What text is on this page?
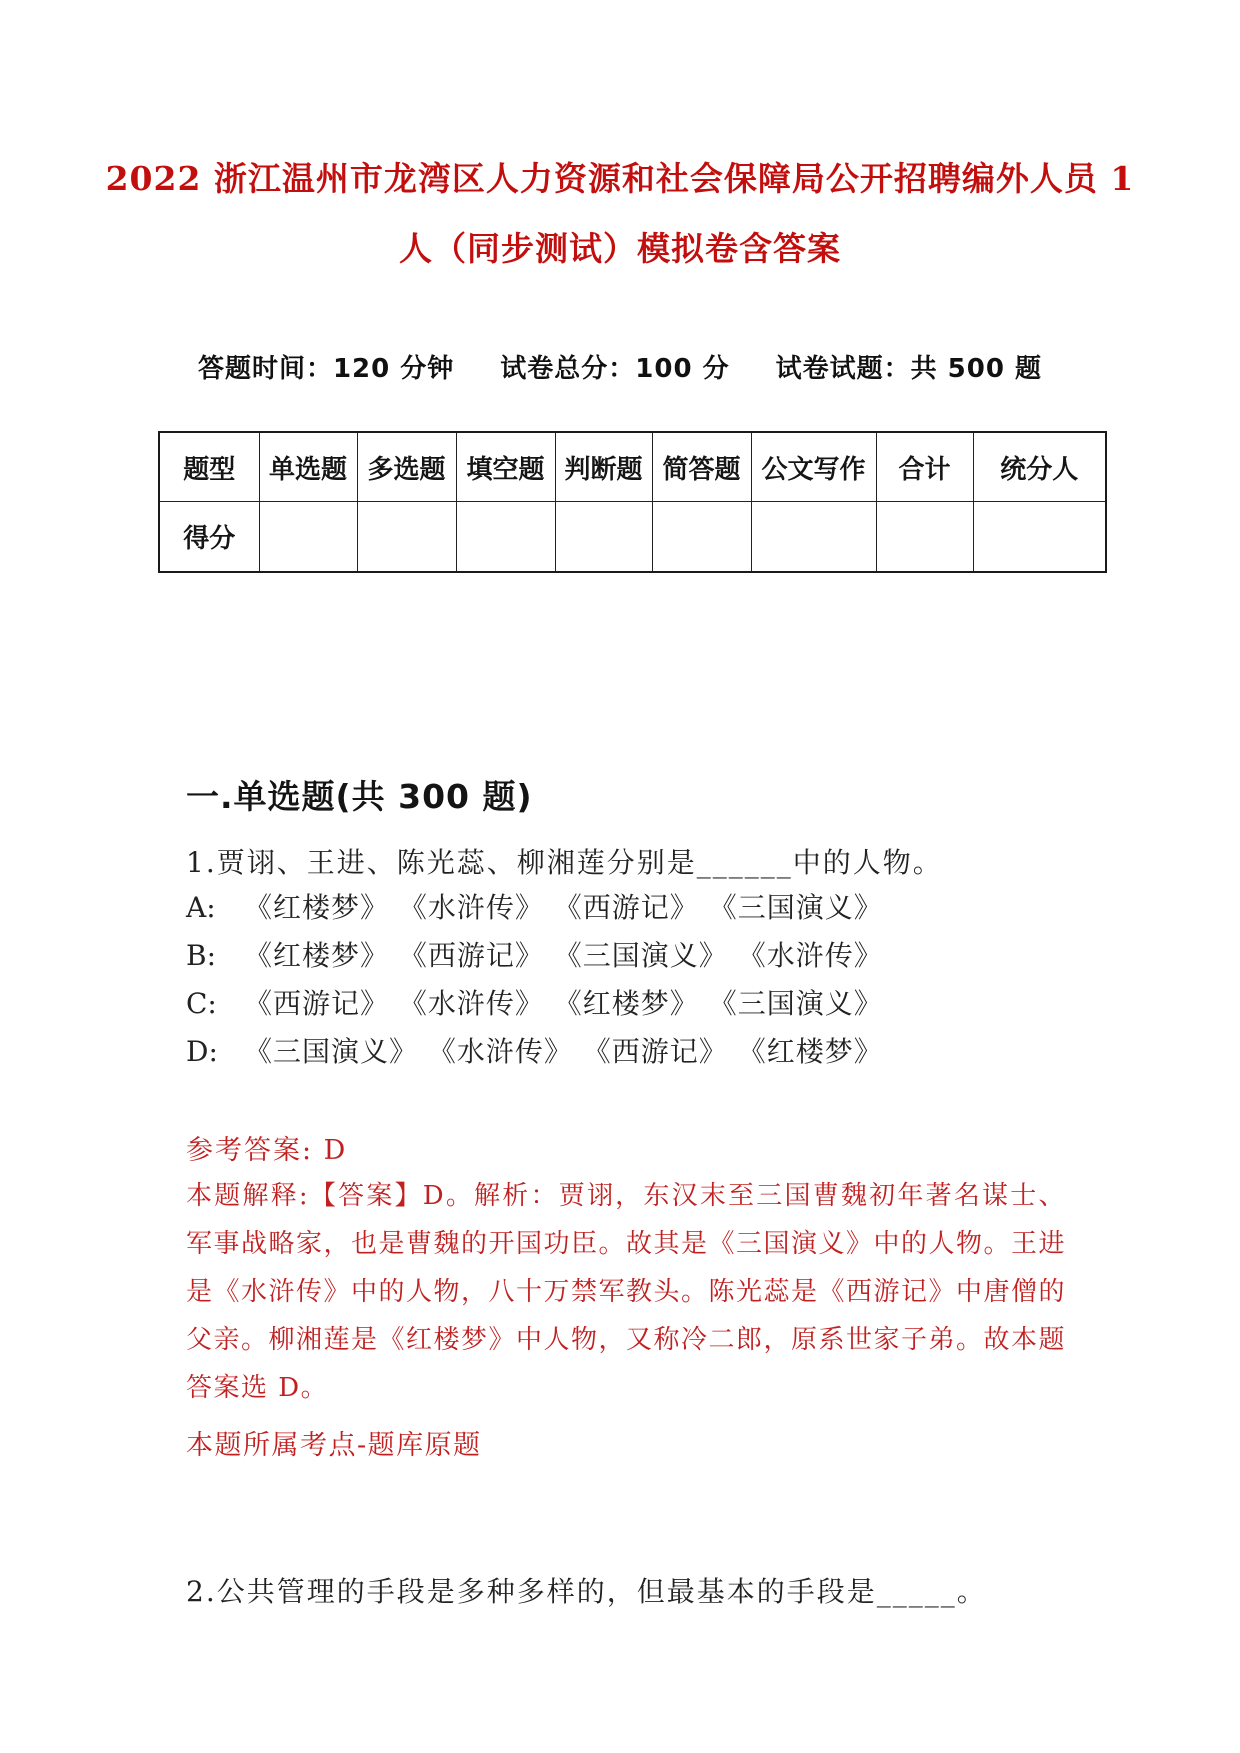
2022 浙江温州市龙湾区人力资源和社会保障局公开招聘编外人员 1
人（同步测试）模拟卷含答案
答题时间：120 分钟 试卷总分：100 分 试卷试题：共 500 题
题型	单选题	多选题	填空题	判断题	简答题	公文写作	合计	统分人
得分								
一.单选题(共 300 题)
1.贾诩、王进、陈光蕊、柳湘莲分别是______中的人物。
A: 《红楼梦》 《水浒传》 《西游记》 《三国演义》
B: 《红楼梦》 《西游记》 《三国演义》 《水浒传》
C: 《西游记》 《水浒传》 《红楼梦》 《三国演义》
D: 《三国演义》 《水浒传》 《西游记》 《红楼梦》
参考答案: D
本题解释:【答案】D。解析：贾诩，东汉末至三国曹魏初年著名谋士、军事战略家，也是曹魏的开国功臣。故其是《三国演义》中的人物。王进是《水浒传》中的人物，八十万禁军教头。陈光蕊是《西游记》中唐僧的父亲。柳湘莲是《红楼梦》中人物，又称冷二郎，原系世家子弟。故本题答案选 D。
本题所属考点-题库原题
2.公共管理的手段是多种多样的，但最基本的手段是_____。
